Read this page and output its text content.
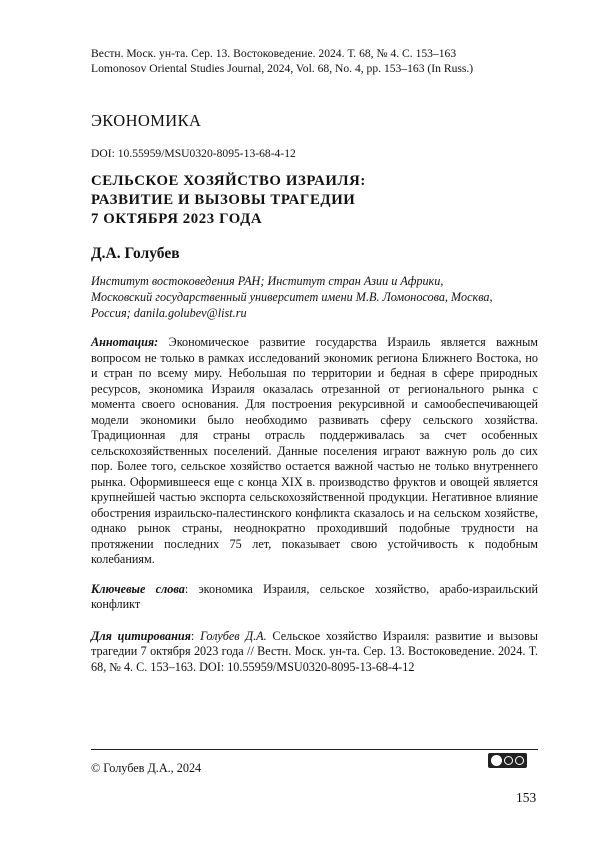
Вестн. Моск. ун-та. Сер. 13. Востоковедение. 2024. Т. 68, № 4. С. 153–163
Lomonosov Oriental Studies Journal, 2024, Vol. 68, No. 4, pp. 153–163 (In Russ.)
ЭКОНОМИКА
DOI: 10.55959/MSU0320-8095-13-68-4-12
СЕЛЬСКОЕ ХОЗЯЙСТВО ИЗРАИЛЯ:
РАЗВИТИЕ И ВЫЗОВЫ ТРАГЕДИИ
7 ОКТЯБРЯ 2023 ГОДА
Д.А. Голубев
Институт востоковедения РАН; Институт стран Азии и Африки,
Московский государственный университет имени М.В. Ломоносова, Москва,
Россия; danila.golubev@list.ru
Аннотация: Экономическое развитие государства Израиль является важным вопросом не только в рамках исследований экономик региона Ближнего Востока, но и стран по всему миру. Небольшая по территории и бедная в сфере природных ресурсов, экономика Израиля оказалась отрезанной от регионального рынка с момента своего основания. Для построения рекурсивной и самообеспечивающей модели экономики было необходимо развивать сферу сельского хозяйства. Традиционная для страны отрасль поддерживалась за счет особенных сельскохозяйственных поселений. Данные поселения играют важную роль до сих пор. Более того, сельское хозяйство остается важной частью не только внутреннего рынка. Оформившееся еще с конца XIX в. производство фруктов и овощей является крупнейшей частью экспорта сельскохозяйственной продукции. Негативное влияние обострения израильско-палестинского конфликта сказалось и на сельском хозяйстве, однако рынок страны, неоднократно проходивший подобные трудности на протяжении последних 75 лет, показывает свою устойчивость к подобным колебаниям.
Ключевые слова: экономика Израиля, сельское хозяйство, арабо-израильский конфликт
Для цитирования: Голубев Д.А. Сельское хозяйство Израиля: развитие и вызовы трагедии 7 октября 2023 года // Вестн. Моск. ун-та. Сер. 13. Востоковедение. 2024. Т. 68, № 4. С. 153–163. DOI: 10.55959/MSU0320-8095-13-68-4-12
© Голубев Д.А., 2024
153
